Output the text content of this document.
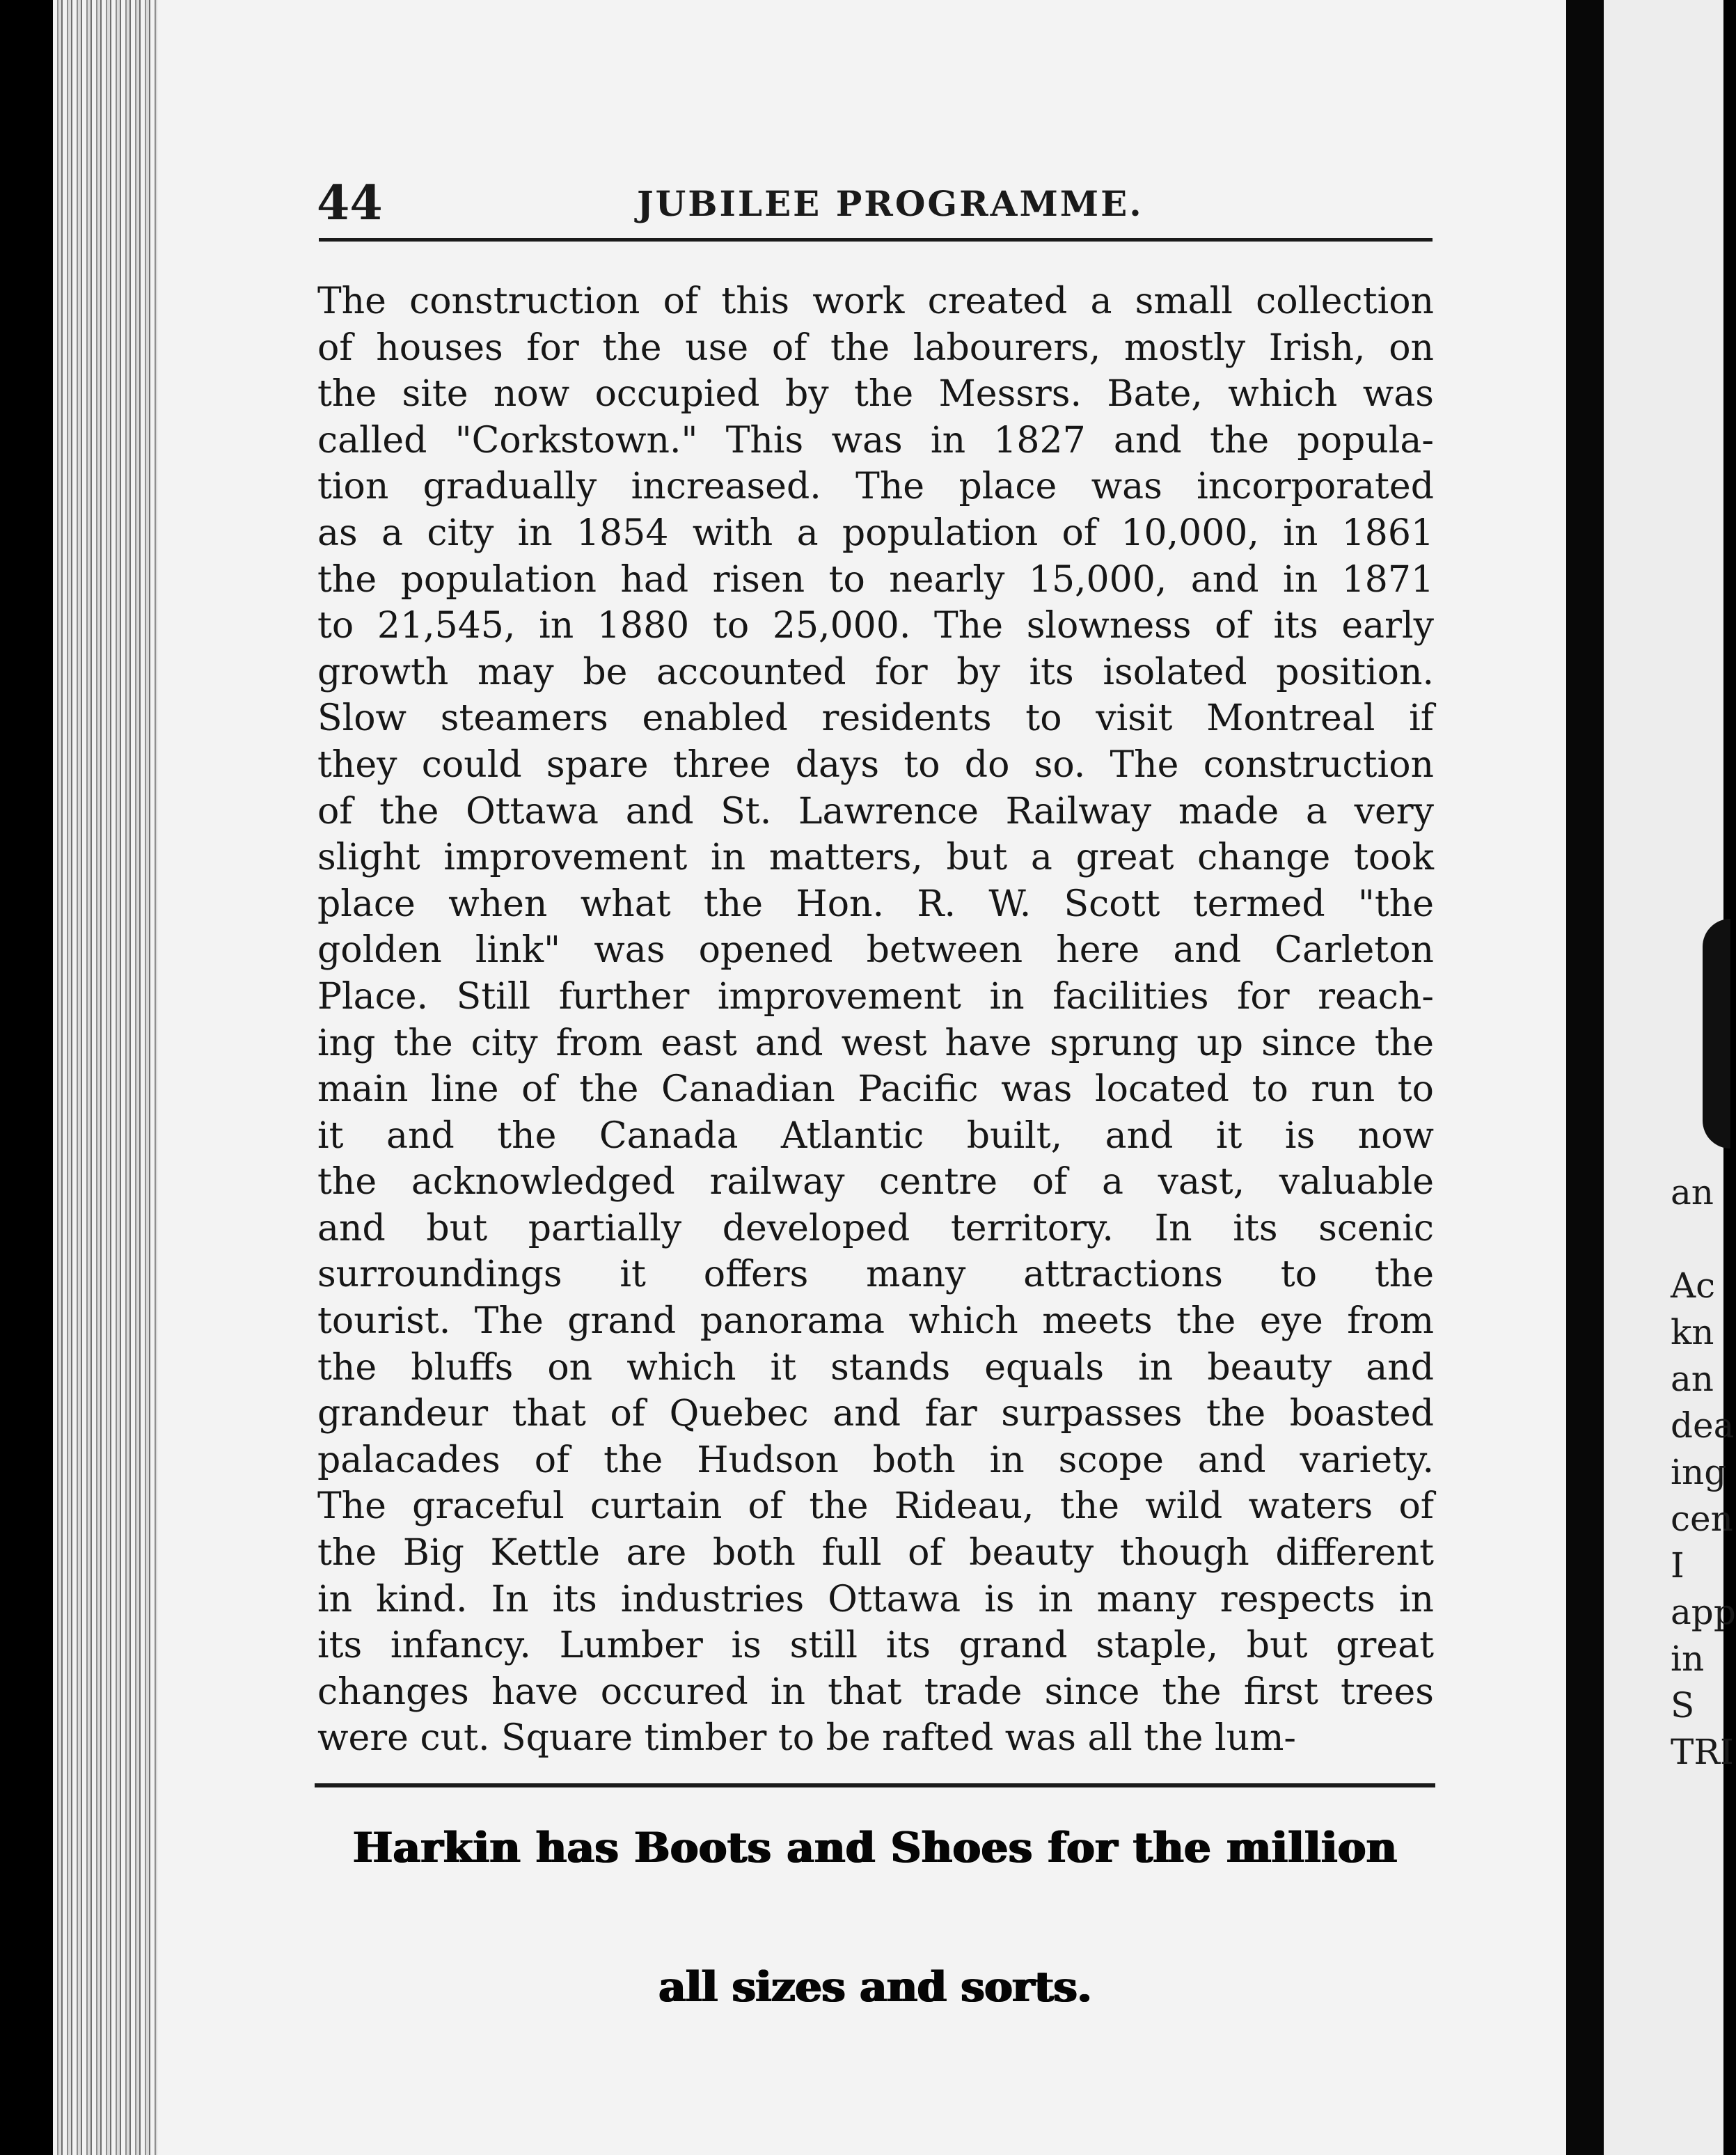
44	JUBILEE PROGRAMME.
The construction of this work created a small collection
of houses for the use of the labourers, mostly Irish, on
the site now occupied by the Messrs. Bate, which was
called "Corkstown." This was in 1827 and the popula-
tion gradually increased. The place was incorporated
as a city in 1854 with a population of 10,000, in 1861
the population had risen to nearly 15,000, and in 1871
to 21,545, in 1880 to 25,000. The slowness of its early
growth may be accounted for by its isolated position.
Slow steamers enabled residents to visit Montreal if
they could spare three days to do so. The construction
of the Ottawa and St. Lawrence Railway made a very
slight improvement in matters, but a great change took
place when what the Hon. R. W. Scott termed "the
golden link" was opened between here and Carleton
Place. Still further improvement in facilities for reach-
ing the city from east and west have sprung up since the
main line of the Canadian Pacific was located to run to
it and the Canada Atlantic built, and it is now
the acknowledged railway centre of a vast, valuable
and but partially developed territory. In its scenic
surroundings it offers many attractions to the
tourist. The grand panorama which meets the eye from
the bluffs on which it stands equals in beauty and
grandeur that of Quebec and far surpasses the boasted
palacades of the Hudson both in scope and variety.
The graceful curtain of the Rideau, the wild waters of
the Big Kettle are both full of beauty though different
in kind. In its industries Ottawa is in many respects in
its infancy. Lumber is still its grand staple, but great
changes have occured in that trade since the first trees
were cut. Square timber to be rafted was all the lum-
Harkin has Boots and Shoes for the million
all sizes and sorts.
an
Ac
kn
an
dea
ing
cen
I
app
in
S
TRI
